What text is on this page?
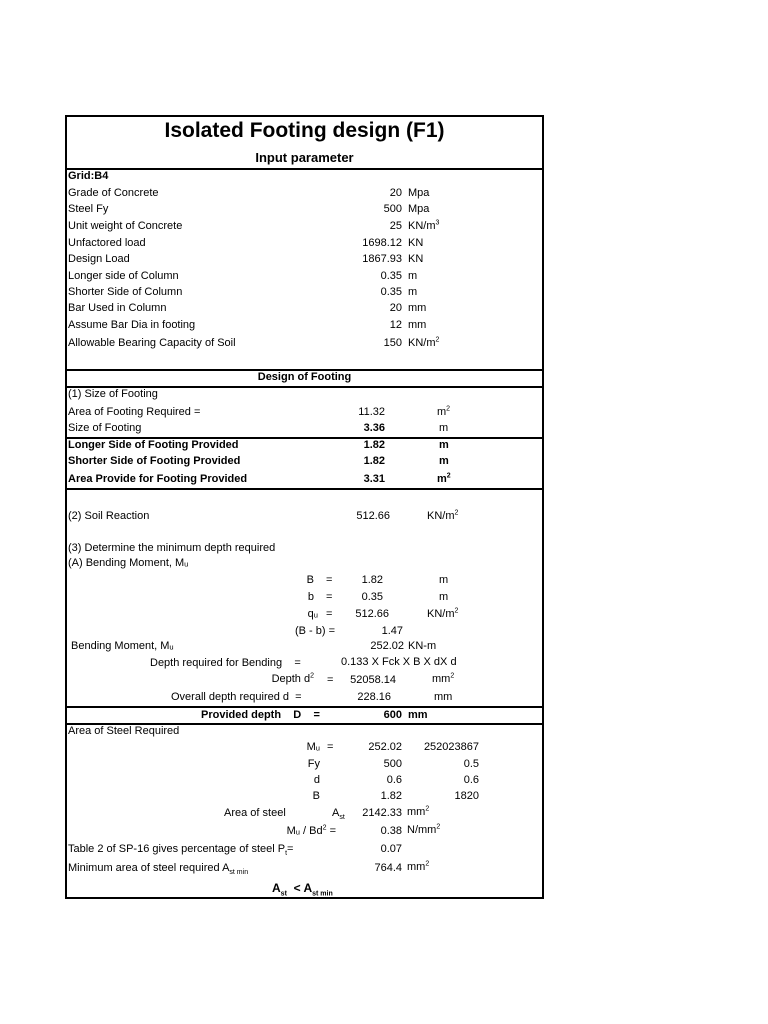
Isolated Footing design (F1)
Input parameter
Grid:B4
Grade of Concrete	20 Mpa
Steel Fy	500 Mpa
Unit weight of Concrete	25 $KN/m^3$
Unfactored load	1698.12 KN
Design Load	1867.93 KN
Longer side of Column	0.35 m
Shorter Side of Column	0.35 m
Bar Used in Column	20 mm
Assume Bar Dia in footing	12 mm
Allowable Bearing Capacity of Soil	150 $KN/m^2$
Design of Footing
(1) Size of Footing
Area of Footing Required =	11.32	$m^2$
Size of Footing	3.36	m
Longer Side of Footing Provided	1.82	m
Shorter Side of Footing Provided	1.82	m
Area Provide for Footing Provided	3.31	$m^2$
(2) Soil Reaction	512.66	$KN/m^2$
(3) Determine the minimum depth required
(A) Bending Moment, Mᵤ
B =	1.82	m
b =	0.35	m
qᵤ =	512.66	$KN/m^2$
(B - b) =	1.47
Bending Moment, Mᵤ	252.02 KN-m
Depth required for Bending =	0.133 X Fck X B X dX d
Depth $d^2$ =	52058.14	$mm^2$
Overall depth required d =	228.16	mm
Provided depth D =	600 mm
Area of Steel Required
Mᵤ =	252.02	252023867
Fy	500	0.5
d	0.6	0.6
B	1.82	1820
Area of steel	$A_{st}$	2142.33 $mm^2$
Mᵤ / $Bd^2$ =	0.38 $N/mm^2$
Table 2 of SP-16 gives percentage of steel $P_t=$	0.07
Minimum area of steel required $A_{st min}$	764.4 $mm^2$
$A_{st} < A_{st min}$
